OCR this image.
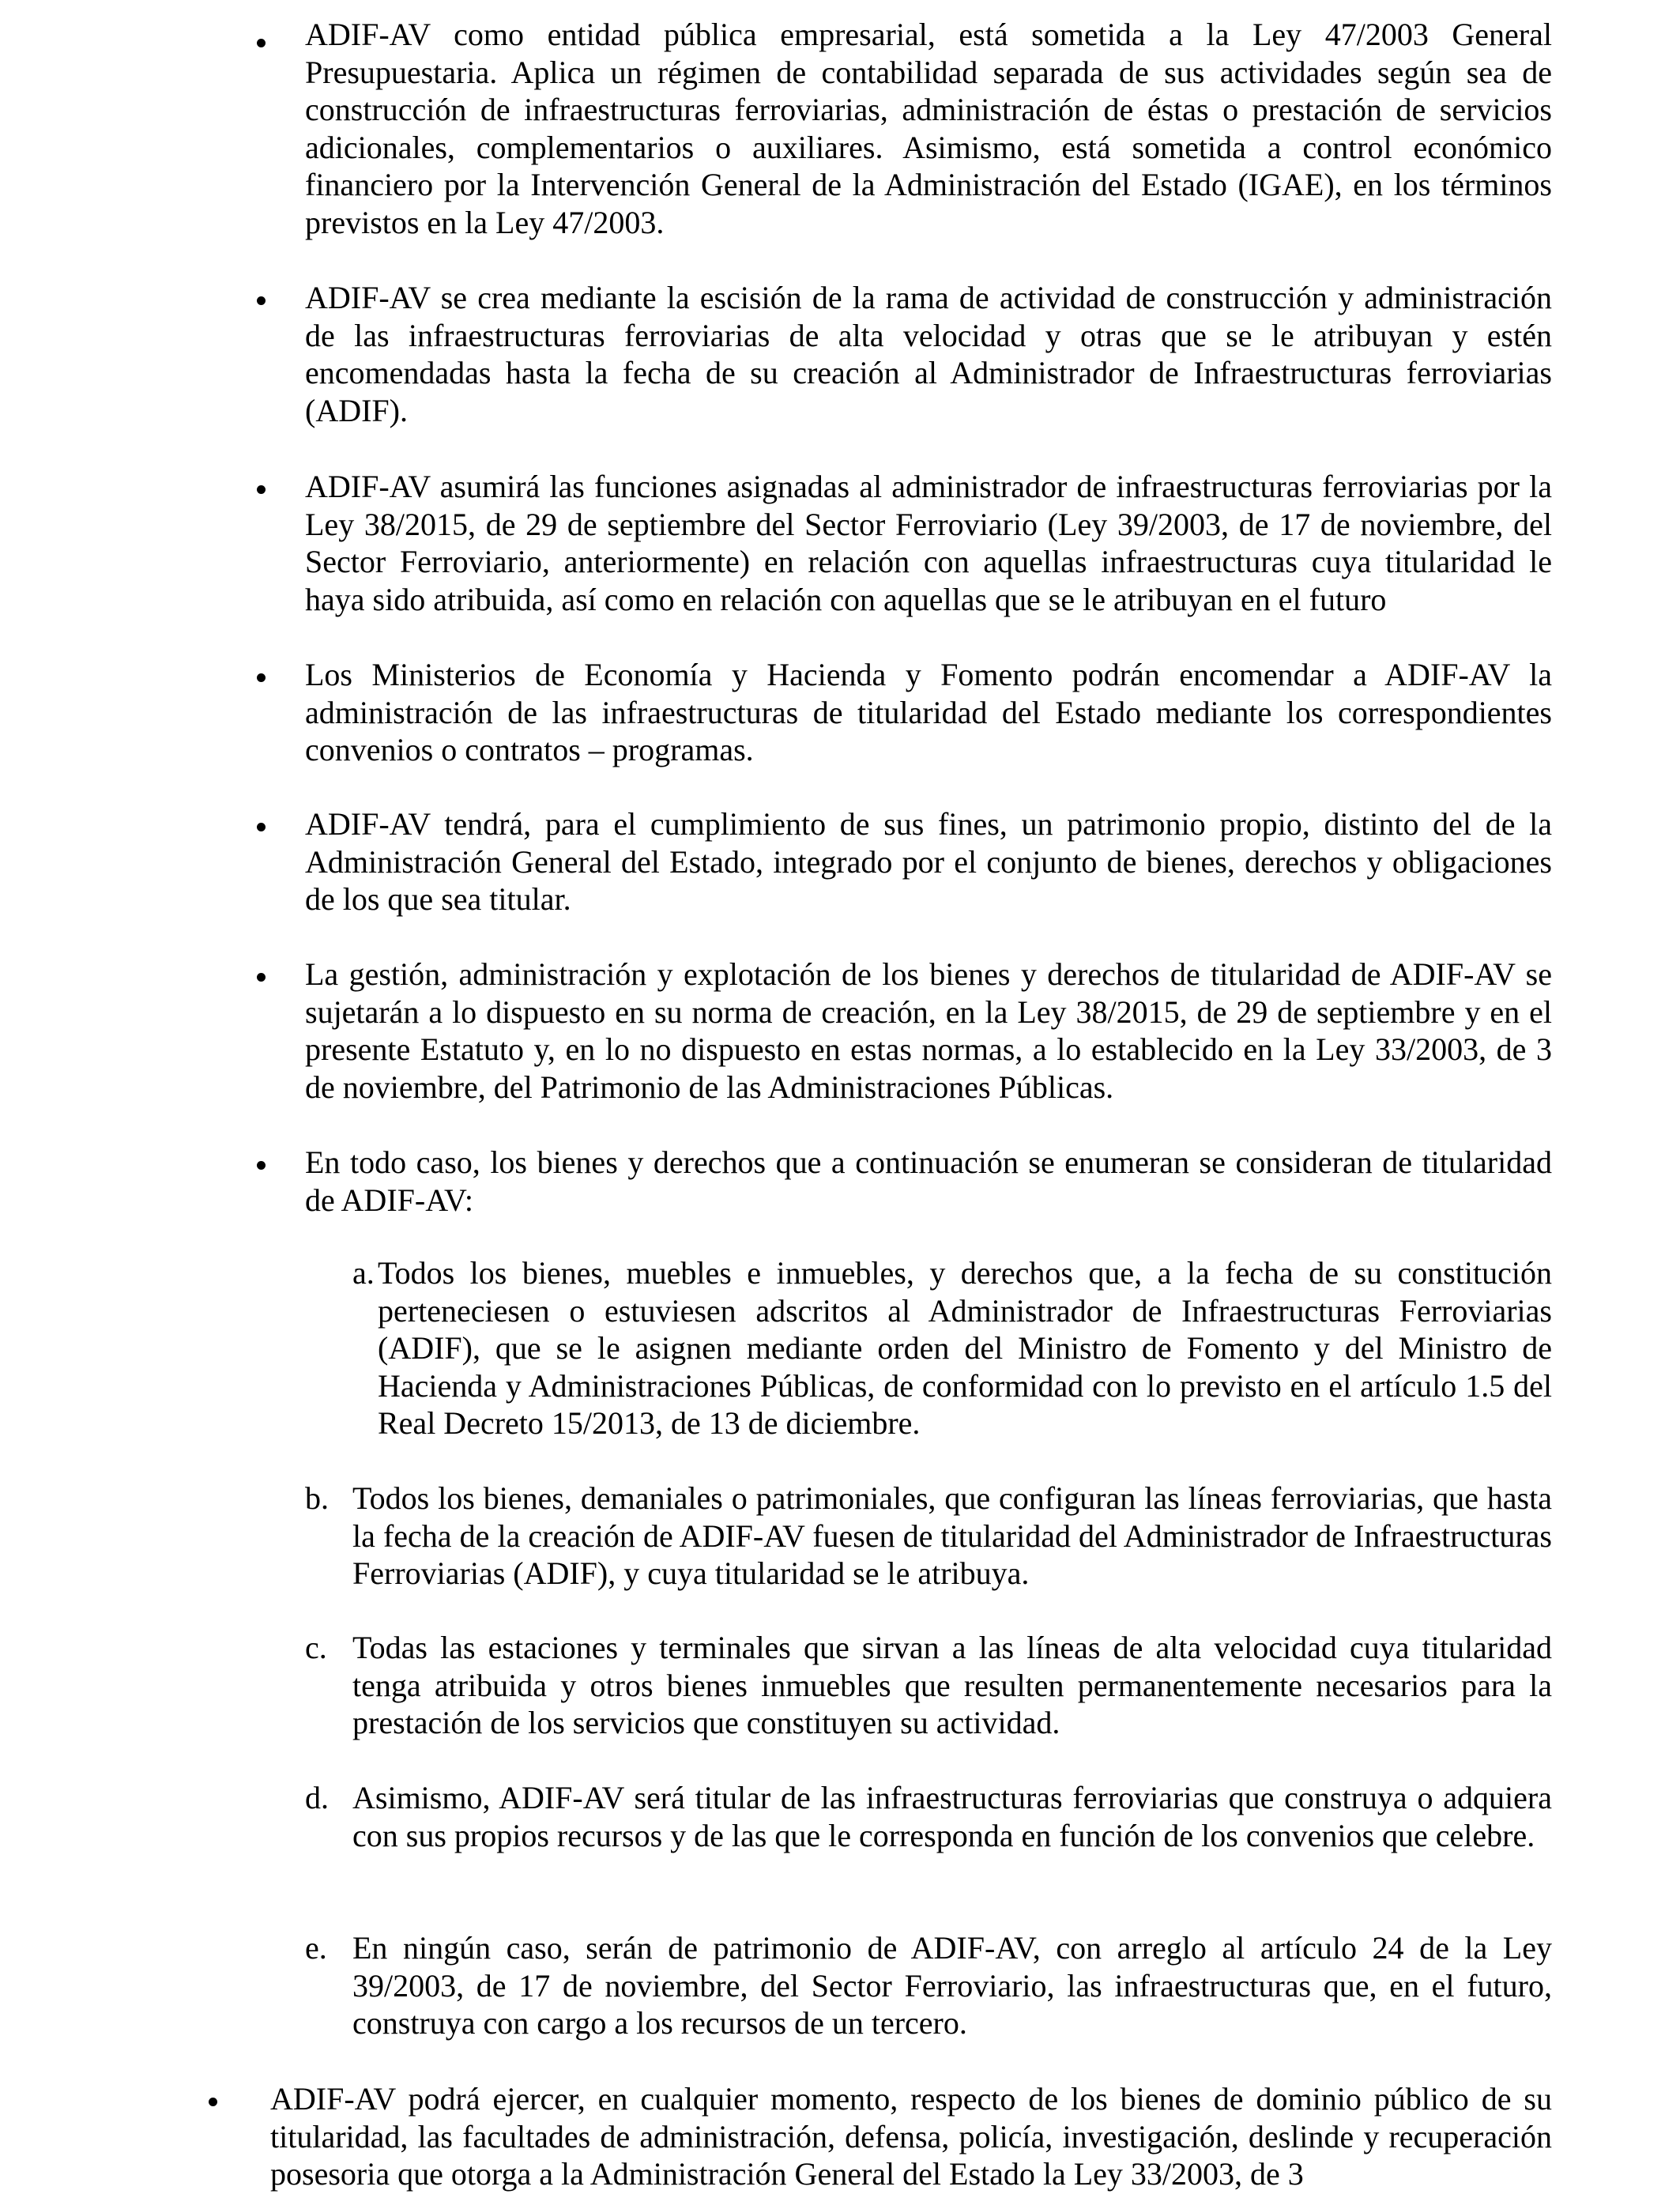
ADIF-AV como entidad pública empresarial, está sometida a la Ley 47/2003 General Presupuestaria. Aplica un régimen de contabilidad separada de sus actividades según sea de construcción de infraestructuras ferroviarias, administración de éstas o prestación de servicios adicionales, complementarios o auxiliares. Asimismo, está sometida a control económico financiero por la Intervención General de la Administración del Estado (IGAE), en los términos previstos en la Ley 47/2003.
ADIF-AV se crea mediante la escisión de la rama de actividad de construcción y administración de las infraestructuras ferroviarias de alta velocidad y otras que se le atribuyan y estén encomendadas hasta la fecha de su creación al Administrador de Infraestructuras ferroviarias (ADIF).
ADIF-AV asumirá las funciones asignadas al administrador de infraestructuras ferroviarias por la Ley 38/2015, de 29 de septiembre del Sector Ferroviario (Ley 39/2003, de 17 de noviembre, del Sector Ferroviario, anteriormente) en relación con aquellas infraestructuras cuya titularidad le haya sido atribuida, así como en relación con aquellas que se le atribuyan en el futuro
Los Ministerios de Economía y Hacienda y Fomento podrán encomendar a ADIF-AV la administración de las infraestructuras de titularidad del Estado mediante los correspondientes convenios o contratos – programas.
ADIF-AV tendrá, para el cumplimiento de sus fines, un patrimonio propio, distinto del de la Administración General del Estado, integrado por el conjunto de bienes, derechos y obligaciones de los que sea titular.
La gestión, administración y explotación de los bienes y derechos de titularidad de ADIF-AV se sujetarán a lo dispuesto en su norma de creación, en la Ley 38/2015, de 29 de septiembre y en el presente Estatuto y, en lo no dispuesto en estas normas, a lo establecido en la Ley 33/2003, de 3 de noviembre, del Patrimonio de las Administraciones Públicas.
En todo caso, los bienes y derechos que a continuación se enumeran se consideran de titularidad de ADIF-AV:
a. Todos los bienes, muebles e inmuebles, y derechos que, a la fecha de su constitución perteneciesen o estuviesen adscritos al Administrador de Infraestructuras Ferroviarias (ADIF), que se le asignen mediante orden del Ministro de Fomento y del Ministro de Hacienda y Administraciones Públicas, de conformidad con lo previsto en el artículo 1.5 del Real Decreto 15/2013, de 13 de diciembre.
b. Todos los bienes, demaniales o patrimoniales, que configuran las líneas ferroviarias, que hasta la fecha de la creación de ADIF-AV fuesen de titularidad del Administrador de Infraestructuras Ferroviarias (ADIF), y cuya titularidad se le atribuya.
c. Todas las estaciones y terminales que sirvan a las líneas de alta velocidad cuya titularidad tenga atribuida y otros bienes inmuebles que resulten permanentemente necesarios para la prestación de los servicios que constituyen su actividad.
d. Asimismo, ADIF-AV será titular de las infraestructuras ferroviarias que construya o adquiera con sus propios recursos y de las que le corresponda en función de los convenios que celebre.
e. En ningún caso, serán de patrimonio de ADIF-AV, con arreglo al artículo 24 de la Ley 39/2003, de 17 de noviembre, del Sector Ferroviario, las infraestructuras que, en el futuro, construya con cargo a los recursos de un tercero.
ADIF-AV podrá ejercer, en cualquier momento, respecto de los bienes de dominio público de su titularidad, las facultades de administración, defensa, policía, investigación, deslinde y recuperación posesoria que otorga a la Administración General del Estado la Ley 33/2003, de 3
